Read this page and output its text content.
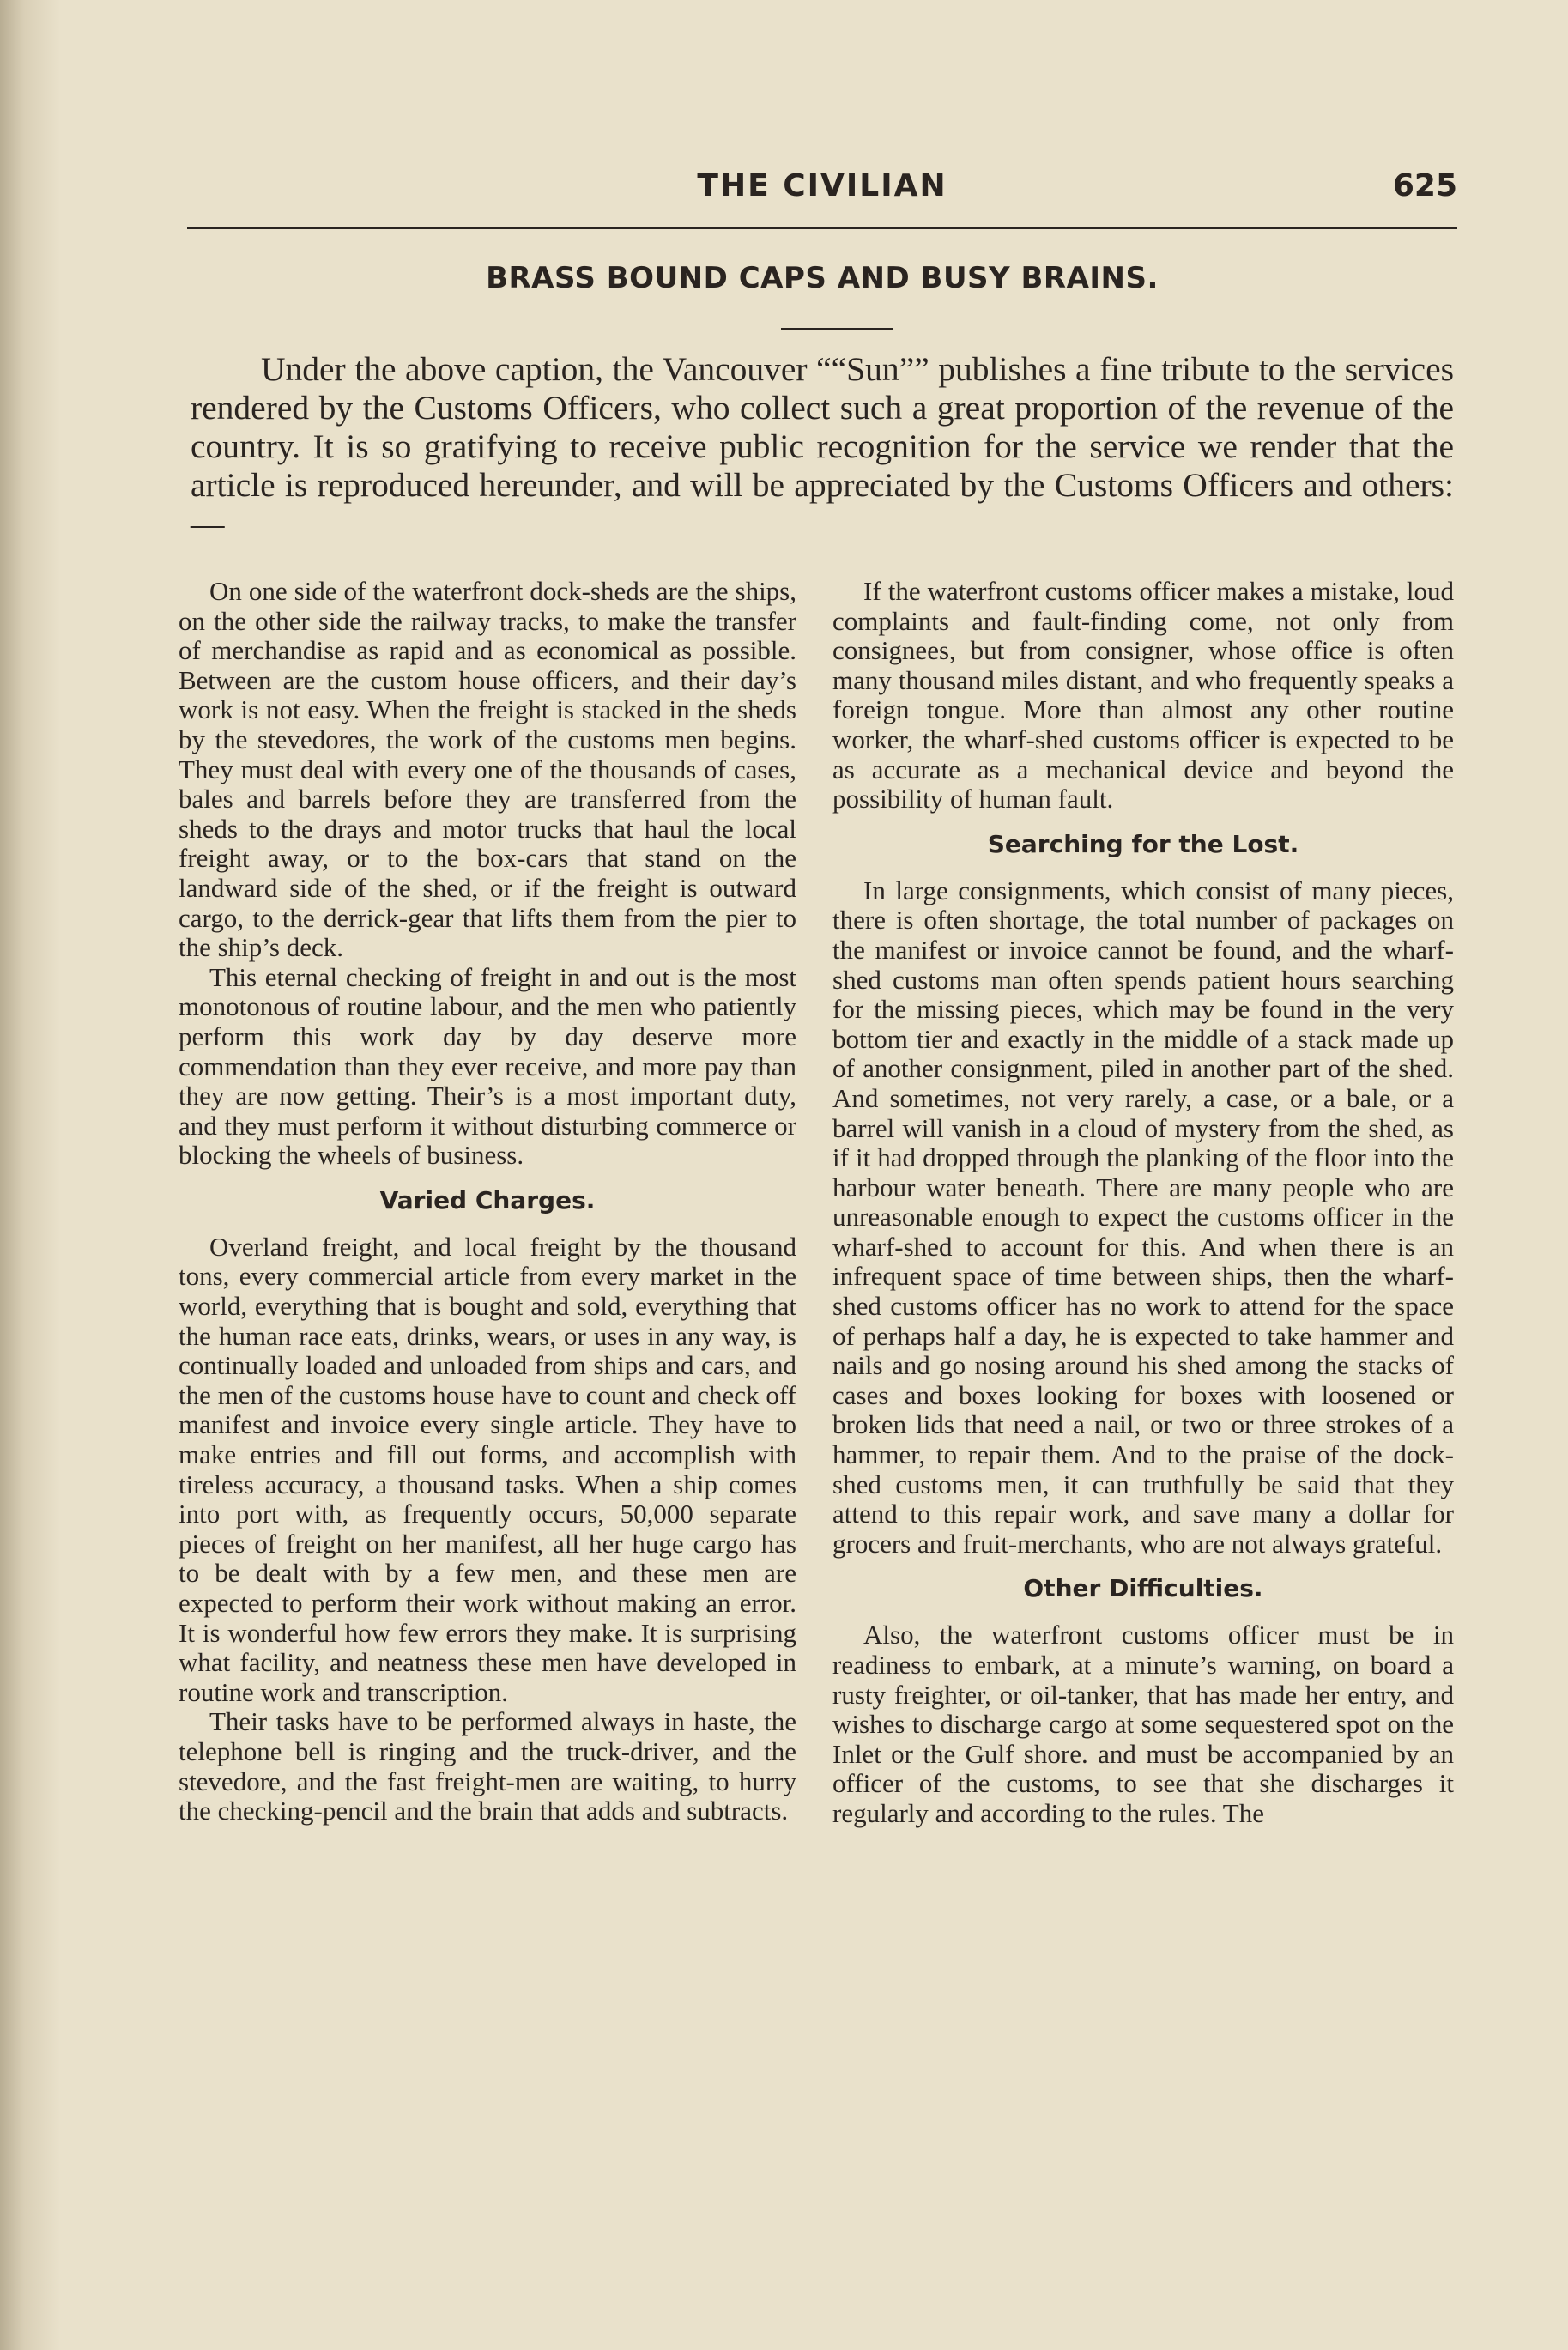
THE CIVILIAN	625
BRASS BOUND CAPS AND BUSY BRAINS.

Under the above caption, the Vancouver ““Sun”” publishes a fine tribute to the services rendered by the Customs Officers, who collect such a great proportion of the revenue of the country. It is so gratifying to receive public recognition for the service we render that the article is reproduced hereunder, and will be appreciated by the Customs Officers and others:—

On one side of the waterfront dock-sheds are the ships, on the other side the railway tracks, to make the transfer of merchandise as rapid and as economical as possible. Between are the custom house officers, and their day’s work is not easy. When the freight is stacked in the sheds by the stevedores, the work of the customs men begins. They must deal with every one of the thousands of cases, bales and barrels before they are transferred from the sheds to the drays and motor trucks that haul the local freight away, or to the box-cars that stand on the landward side of the shed, or if the freight is outward cargo, to the derrick-gear that lifts them from the pier to the ship’s deck.

This eternal checking of freight in and out is the most monotonous of routine labour, and the men who patiently perform this work day by day deserve more commendation than they ever receive, and more pay than they are now getting. Their’s is a most important duty, and they must perform it without disturbing commerce or blocking the wheels of business.

Varied Charges.

Overland freight, and local freight by the thousand tons, every commercial article from every market in the world, everything that is bought and sold, everything that the human race eats, drinks, wears, or uses in any way, is continually loaded and unloaded from ships and cars, and the men of the customs house have to count and check off manifest and invoice every single article. They have to make entries and fill out forms, and accomplish with tireless accuracy, a thousand tasks. When a ship comes into port with, as frequently occurs, 50,000 separate pieces of freight on her manifest, all her huge cargo has to be dealt with by a few men, and these men are expected to perform their work without making an error. It is wonderful how few errors they make. It is surprising what facility, and neatness these men have developed in routine work and transcription.

Their tasks have to be performed always in haste, the telephone bell is ringing and the truck-driver, and the stevedore, and the fast freight-men are waiting, to hurry the checking-pencil and the brain that adds and subtracts.

If the waterfront customs officer makes a mistake, loud complaints and fault-finding come, not only from consignees, but from consigner, whose office is often many thousand miles distant, and who frequently speaks a foreign tongue. More than almost any other routine worker, the wharf-shed customs officer is expected to be as accurate as a mechanical device and beyond the possibility of human fault.

Searching for the Lost.

In large consignments, which consist of many pieces, there is often shortage, the total number of packages on the manifest or invoice cannot be found, and the wharf-shed customs man often spends patient hours searching for the missing pieces, which may be found in the very bottom tier and exactly in the middle of a stack made up of another consignment, piled in another part of the shed. And sometimes, not very rarely, a case, or a bale, or a barrel will vanish in a cloud of mystery from the shed, as if it had dropped through the planking of the floor into the harbour water beneath. There are many people who are unreasonable enough to expect the customs officer in the wharf-shed to account for this. And when there is an infrequent space of time between ships, then the wharf-shed customs officer has no work to attend for the space of perhaps half a day, he is expected to take hammer and nails and go nosing around his shed among the stacks of cases and boxes looking for boxes with loosened or broken lids that need a nail, or two or three strokes of a hammer, to repair them. And to the praise of the dock-shed customs men, it can truthfully be said that they attend to this repair work, and save many a dollar for grocers and fruit-merchants, who are not always grateful.

Other Difficulties.

Also, the waterfront customs officer must be in readiness to embark, at a minute’s warning, on board a rusty freighter, or oil-tanker, that has made her entry, and wishes to discharge cargo at some sequestered spot on the Inlet or the Gulf shore. and must be accompanied by an officer of the customs, to see that she discharges it regularly and according to the rules. The
